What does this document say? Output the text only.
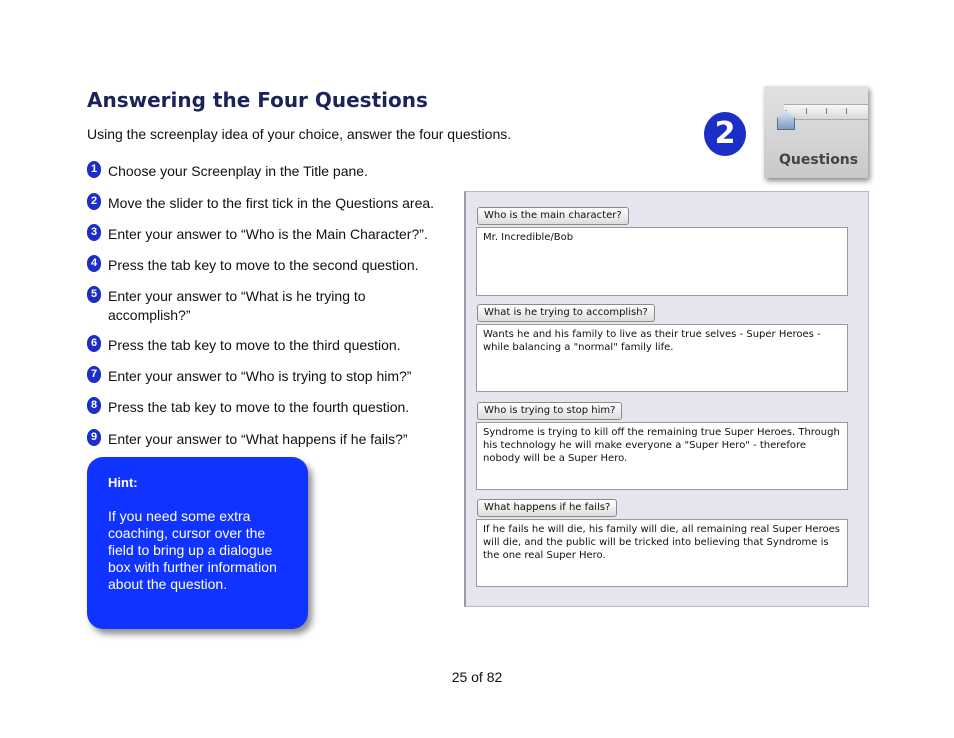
Answering the Four Questions
Using the screenplay idea of your choice, answer the four questions.
1 Choose your Screenplay in the Title pane.
2 Move the slider to the first tick in the Questions area.
3 Enter your answer to “Who is the Main Character?”.
4 Press the tab key to move to the second question.
5 Enter your answer to “What is he trying to accomplish?”
6 Press the tab key to move to the third question.
7 Enter your answer to “Who is trying to stop him?”
8 Press the tab key to move to the fourth question.
9 Enter your answer to “What happens if he fails?”
2
Questions
Hint:
If you need some extra coaching, cursor over the field to bring up a dialogue box with further information about the question.
Who is the main character?
Mr. Incredible/Bob
What is he trying to accomplish?
Wants he and his family to live as their true selves - Super Heroes - while balancing a "normal" family life.
Who is trying to stop him?
Syndrome is trying to kill off the remaining true Super Heroes. Through his technology he will make everyone a "Super Hero" - therefore nobody will be a Super Hero.
What happens if he fails?
If he fails he will die, his family will die, all remaining real Super Heroes will die, and the public will be tricked into believing that Syndrome is the one real Super Hero.
25 of 82
